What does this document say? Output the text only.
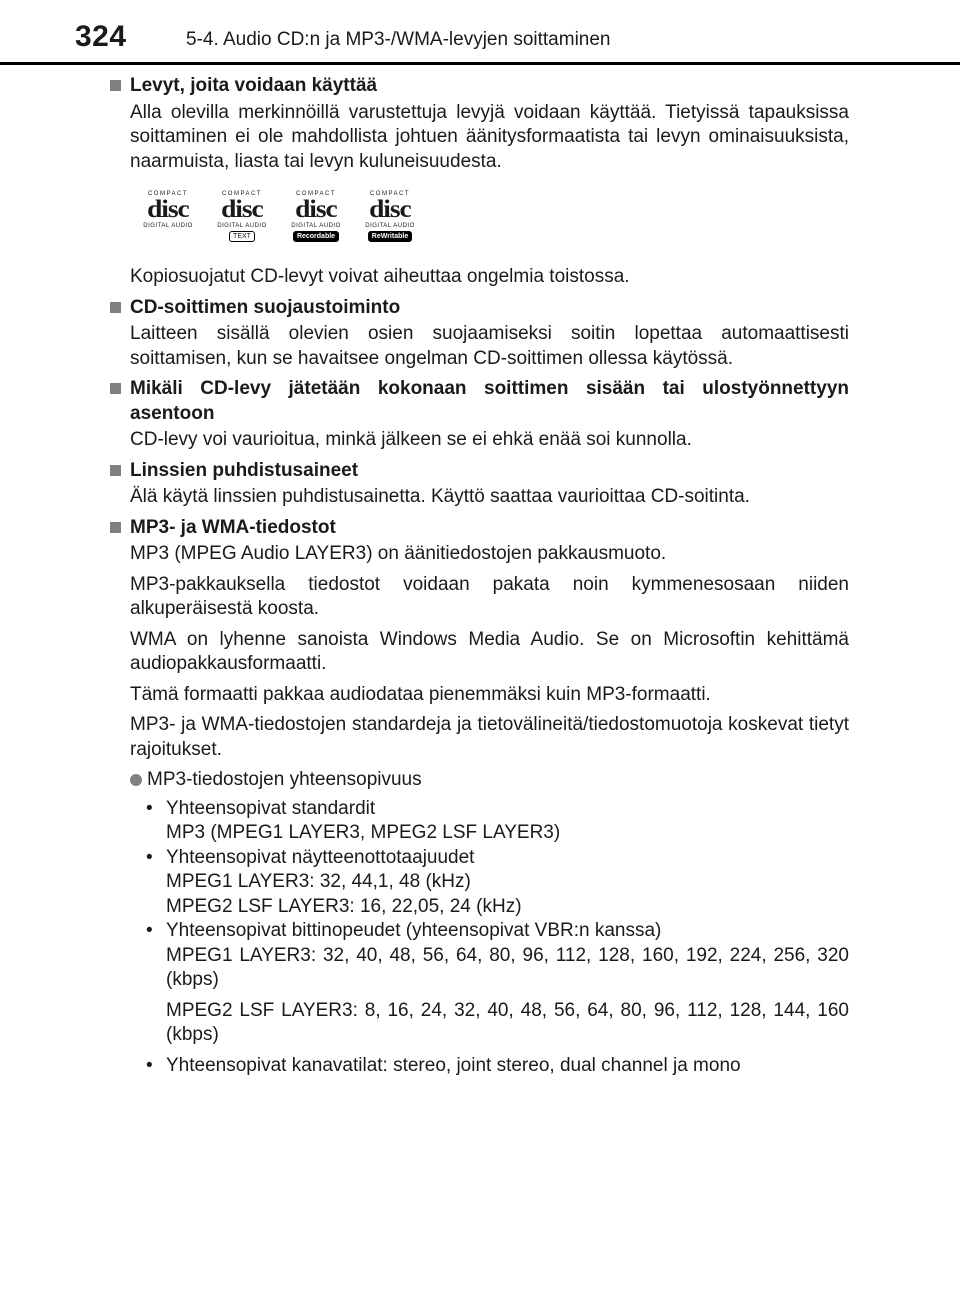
324	5-4. Audio CD:n ja MP3-/WMA-levyjen soittaminen
Levyt, joita voidaan käyttää
Alla olevilla merkinnöillä varustettuja levyjä voidaan käyttää. Tietyissä tapauksissa soittaminen ei ole mahdollista johtuen äänitysformaatista tai levyn ominaisuuksista, naarmuista, liasta tai levyn kuluneisuudesta.
COMPACT
disc
DIGITAL AUDIO
COMPACT
disc
DIGITAL AUDIO
TEXT
COMPACT
disc
DIGITAL AUDIO
Recordable
COMPACT
disc
DIGITAL AUDIO
ReWritable
Kopiosuojatut CD-levyt voivat aiheuttaa ongelmia toistossa.
CD-soittimen suojaustoiminto
Laitteen sisällä olevien osien suojaamiseksi soitin lopettaa automaattisesti soittamisen, kun se havaitsee ongelman CD-soittimen ollessa käytössä.
Mikäli CD-levy jätetään kokonaan soittimen sisään tai ulostyönnettyyn asentoon
CD-levy voi vaurioitua, minkä jälkeen se ei ehkä enää soi kunnolla.
Linssien puhdistusaineet
Älä käytä linssien puhdistusainetta. Käyttö saattaa vaurioittaa CD-soitinta.
MP3- ja WMA-tiedostot
MP3 (MPEG Audio LAYER3) on äänitiedostojen pakkausmuoto.
MP3-pakkauksella tiedostot voidaan pakata noin kymmenesosaan niiden alkuperäisestä koosta.
WMA on lyhenne sanoista Windows Media Audio. Se on Microsoftin kehittämä audiopakkausformaatti.
Tämä formaatti pakkaa audiodataa pienemmäksi kuin MP3-formaatti.
MP3- ja WMA-tiedostojen standardeja ja tietovälineitä/tiedostomuotoja koskevat tietyt rajoitukset.
MP3-tiedostojen yhteensopivuus
• Yhteensopivat standardit
MP3 (MPEG1 LAYER3, MPEG2 LSF LAYER3)
• Yhteensopivat näytteenottotaajuudet
MPEG1 LAYER3: 32, 44,1, 48 (kHz)
MPEG2 LSF LAYER3: 16, 22,05, 24 (kHz)
• Yhteensopivat bittinopeudet (yhteensopivat VBR:n kanssa)
MPEG1 LAYER3: 32, 40, 48, 56, 64, 80, 96, 112, 128, 160, 192, 224, 256, 320 (kbps)
MPEG2 LSF LAYER3: 8, 16, 24, 32, 40, 48, 56, 64, 80, 96, 112, 128, 144, 160 (kbps)
• Yhteensopivat kanavatilat: stereo, joint stereo, dual channel ja mono
